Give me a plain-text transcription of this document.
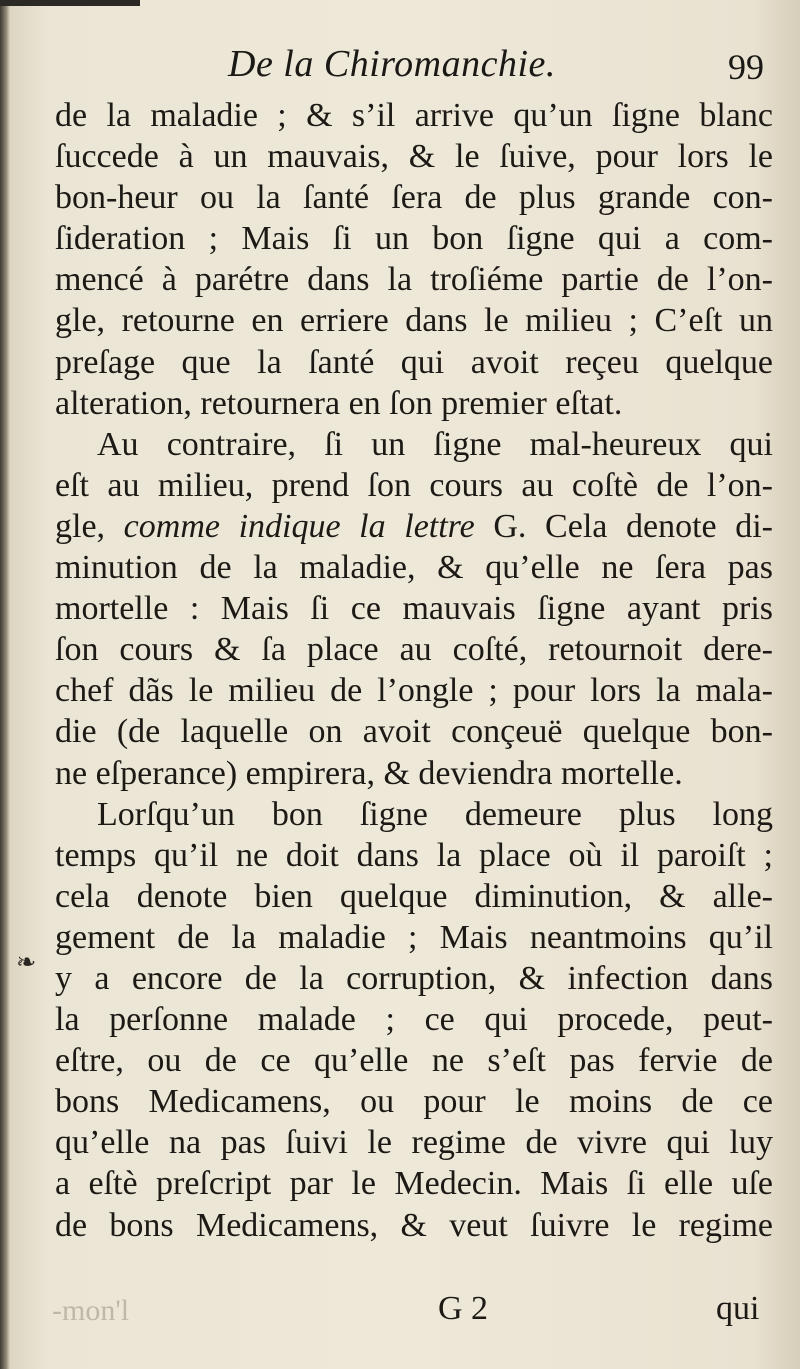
De la Chiromanchie.	99
de la maladie ; & s’il arrive qu’un ſigne blanc
ſuccede à un mauvais, & le ſuive, pour lors le
bon-heur ou la ſanté ſera de plus grande con-
ſideration ; Mais ſi un bon ſigne qui a com-
mencé à parétre dans la troſiéme partie de l’on-
gle, retourne en erriere dans le milieu ; C’eſt un
preſage que la ſanté qui avoit reçeu quelque
alteration, retournera en ſon premier eſtat.
Au contraire, ſi un ſigne mal-heureux qui
eſt au milieu, prend ſon cours au coſtè de l’on-
gle, comme indique la lettre G. Cela denote di-
minution de la maladie, & qu’elle ne ſera pas
mortelle : Mais ſi ce mauvais ſigne ayant pris
ſon cours & ſa place au coſté, retournoit dere-
chef dãs le milieu de l’ongle ; pour lors la mala-
die (de laquelle on avoit conçeuë quelque bon-
ne eſperance) empirera, & deviendra mortelle.
Lorſqu’un bon ſigne demeure plus long
temps qu’il ne doit dans la place où il paroiſt ;
cela denote bien quelque diminution, & alle-
gement de la maladie ; Mais neantmoins qu’il
y a encore de la corruption, & infection dans
la perſonne malade ; ce qui procede, peut-
eſtre, ou de ce qu’elle ne s’eſt pas fervie de
bons Medicamens, ou pour le moins de ce
qu’elle na pas ſuivi le regime de vivre qui luy
a eſtè preſcript par le Medecin. Mais ſi elle uſe
de bons Medicamens, & veut ſuivre le regime
❧
-mon'l	G 2	qui
